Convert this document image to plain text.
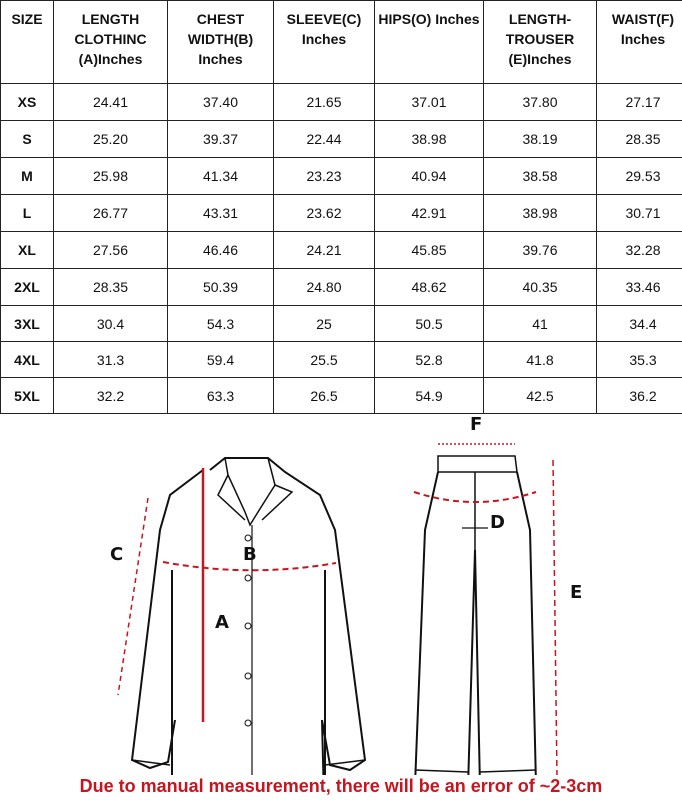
SIZE	LENGTH CLOTHINC (A)Inches	CHEST WIDTH(B) Inches	SLEEVE(C) Inches	HIPS(O) Inches	LENGTH-TROUSER (E)Inches	WAIST(F) Inches
XS	24.41	37.40	21.65	37.01	37.80	27.17
S	25.20	39.37	22.44	38.98	38.19	28.35
M	25.98	41.34	23.23	40.94	38.58	29.53
L	26.77	43.31	23.62	42.91	38.98	30.71
XL	27.56	46.46	24.21	45.85	39.76	32.28
2XL	28.35	50.39	24.80	48.62	40.35	33.46
3XL	30.4	54.3	25	50.5	41	34.4
4XL	31.3	59.4	25.5	52.8	41.8	35.3
5XL	32.2	63.3	26.5	54.9	42.5	36.2
A
B
C
D
E
F
Due to manual measurement, there will be an error of ~2-3cm
